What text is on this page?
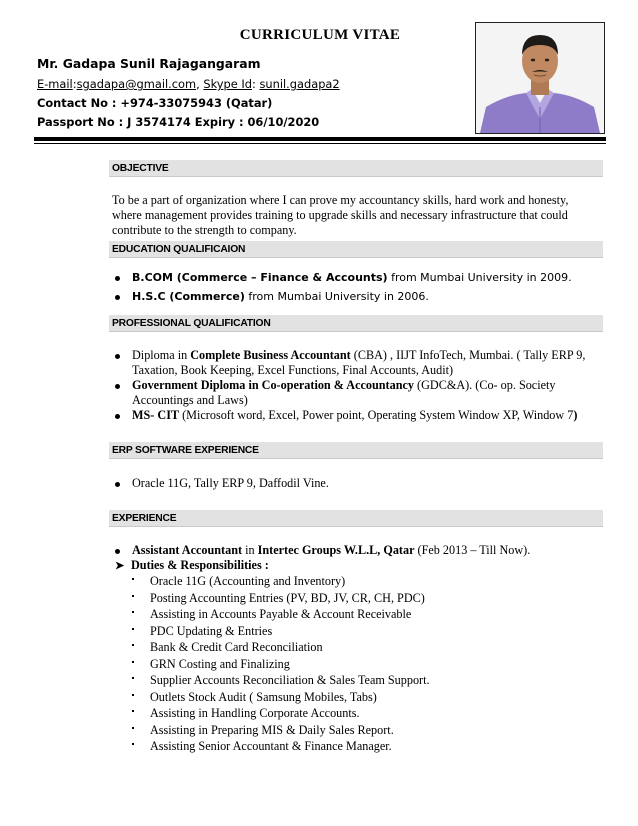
CURRICULUM VITAE
Mr. Gadapa Sunil Rajagangaram
E-mail:sgadapa@gmail.com, Skype Id: sunil.gadapa2
Contact No : +974-33075943 (Qatar)
Passport No : J 3574174 Expiry : 06/10/2020
OBJECTIVE
To be a part of organization where I can prove my accountancy skills, hard work and honesty, where management provides training to upgrade skills and necessary infrastructure that could contribute to the strength to company.
EDUCATION QUALIFICAION
B.COM (Commerce – Finance & Accounts) from Mumbai University in 2009.
H.S.C (Commerce) from Mumbai University in 2006.
PROFESSIONAL QUALIFICATION
Diploma in Complete Business Accountant (CBA) , IIJT InfoTech, Mumbai. ( Tally ERP 9, Taxation, Book Keeping, Excel Functions, Final Accounts, Audit)
Government Diploma in Co-operation & Accountancy (GDC&A). (Co- op. Society Accountings and Laws)
MS- CIT (Microsoft word, Excel, Power point, Operating System Window XP, Window 7)
ERP SOFTWARE EXPERIENCE
Oracle 11G, Tally ERP 9, Daffodil Vine.
EXPERIENCE
Assistant Accountant in Intertec Groups W.L.L, Qatar (Feb 2013 – Till Now).
➤ Duties & Responsibilities :
Oracle 11G (Accounting and Inventory)
Posting Accounting Entries (PV, BD, JV, CR, CH, PDC)
Assisting in Accounts Payable & Account Receivable
PDC Updating & Entries
Bank & Credit Card Reconciliation
GRN Costing and Finalizing
Supplier Accounts Reconciliation & Sales Team Support.
Outlets Stock Audit ( Samsung Mobiles, Tabs)
Assisting in Handling Corporate Accounts.
Assisting in Preparing MIS & Daily Sales Report.
Assisting Senior Accountant & Finance Manager.
